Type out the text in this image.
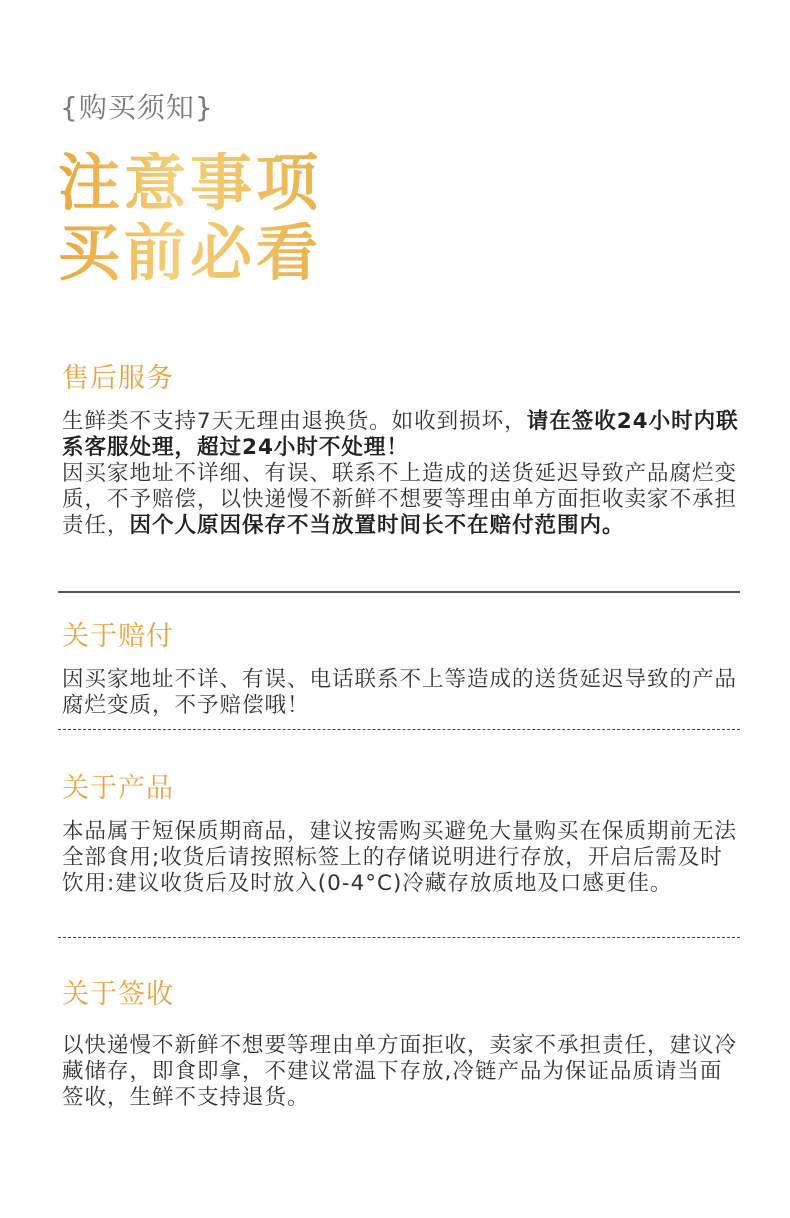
{购买须知}
注意事项
买前必看
售后服务
生鲜类不支持7天无理由退换货。如收到损坏，请在签收24小时内联系客服处理，超过24小时不处理！
因买家地址不详细、有误、联系不上造成的送货延迟导致产品腐烂变质，不予赔偿，以快递慢不新鲜不想要等理由单方面拒收卖家不承担责任，因个人原因保存不当放置时间长不在赔付范围内。
关于赔付
因买家地址不详、有误、电话联系不上等造成的送货延迟导致的产品腐烂变质，不予赔偿哦！
关于产品
本品属于短保质期商品，建议按需购买避免大量购买在保质期前无法全部食用;收货后请按照标签上的存储说明进行存放，开启后需及时饮用:建议收货后及时放入(0-4°C)冷藏存放质地及口感更佳。
关于签收
以快递慢不新鲜不想要等理由单方面拒收，卖家不承担责任，建议冷藏储存，即食即拿，不建议常温下存放,冷链产品为保证品质请当面签收，生鲜不支持退货。
